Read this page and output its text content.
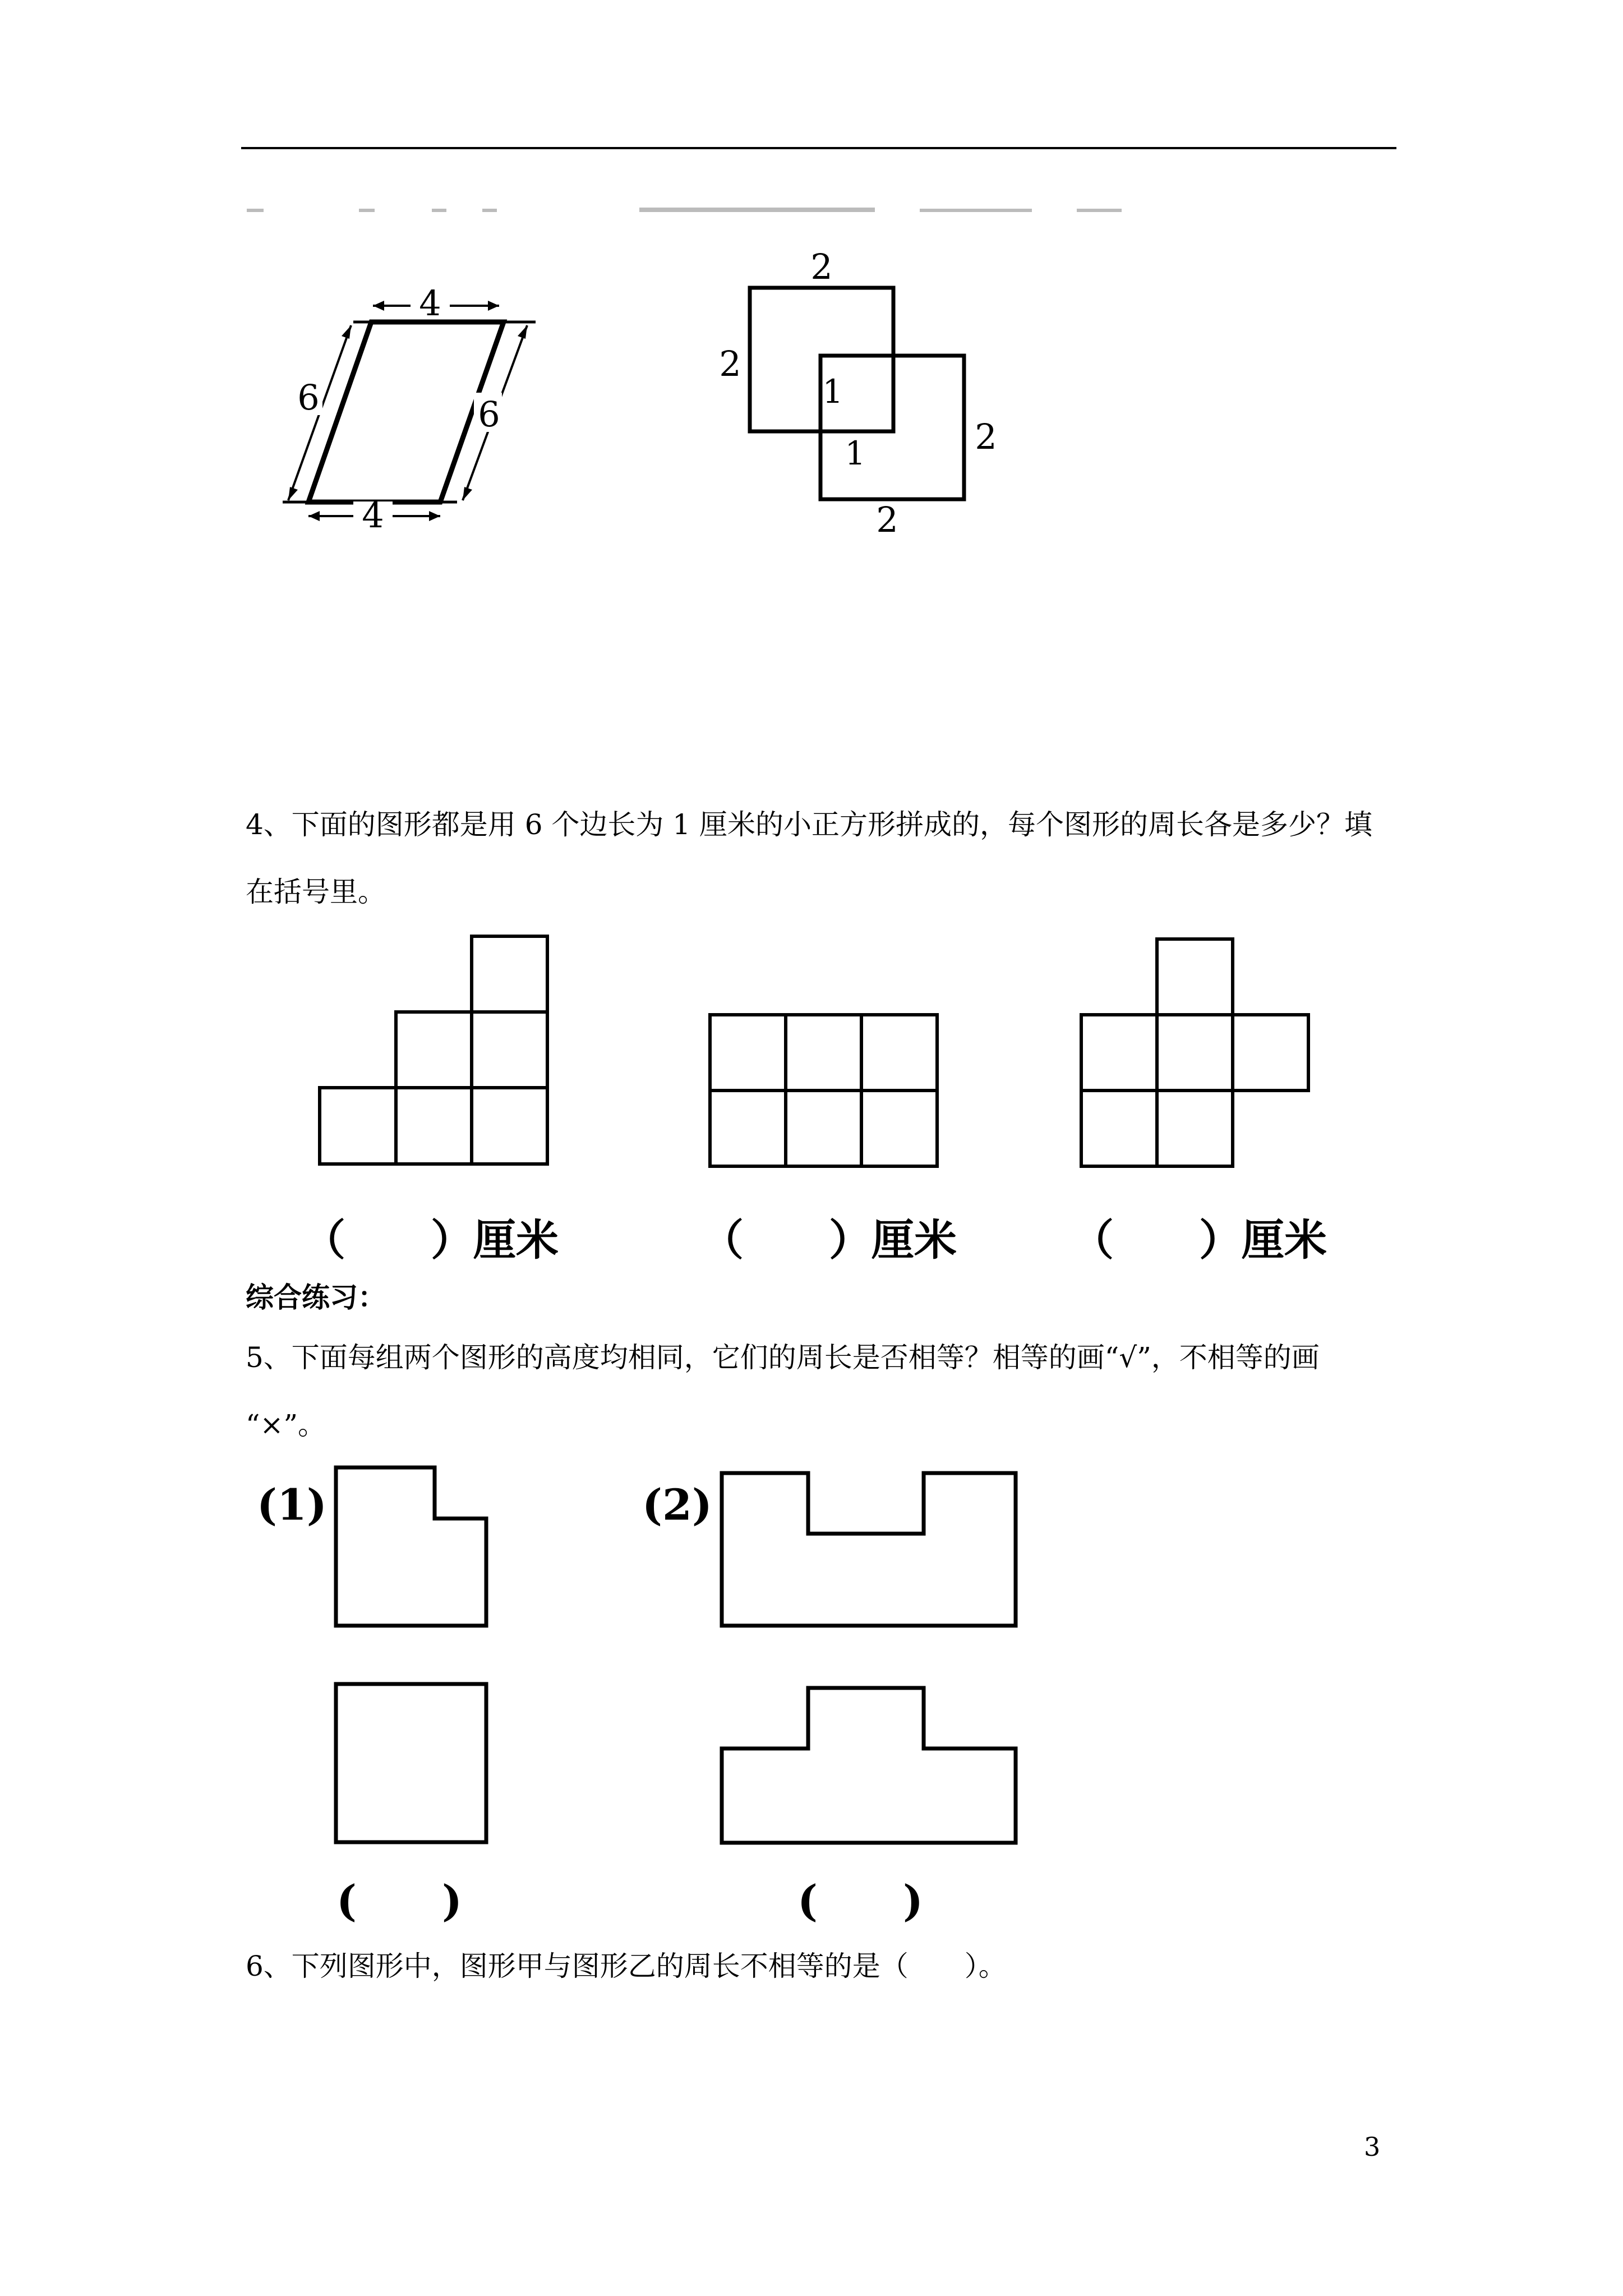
4
4
6	6
2
2
1
1	2
2
4、下面的图形都是用 6 个边长为 1 厘米的小正方形拼成的，每个图形的周长各是多少？填
在括号里。
（　　）厘米	（　　）厘米	（　　）厘米
综合练习：
5、下面每组两个图形的高度均相同，它们的周长是否相等？相等的画“√”，不相等的画
“×”。
(1)	(2)
(　　)	(　　)
6、下列图形中，图形甲与图形乙的周长不相等的是（　　）。
3
